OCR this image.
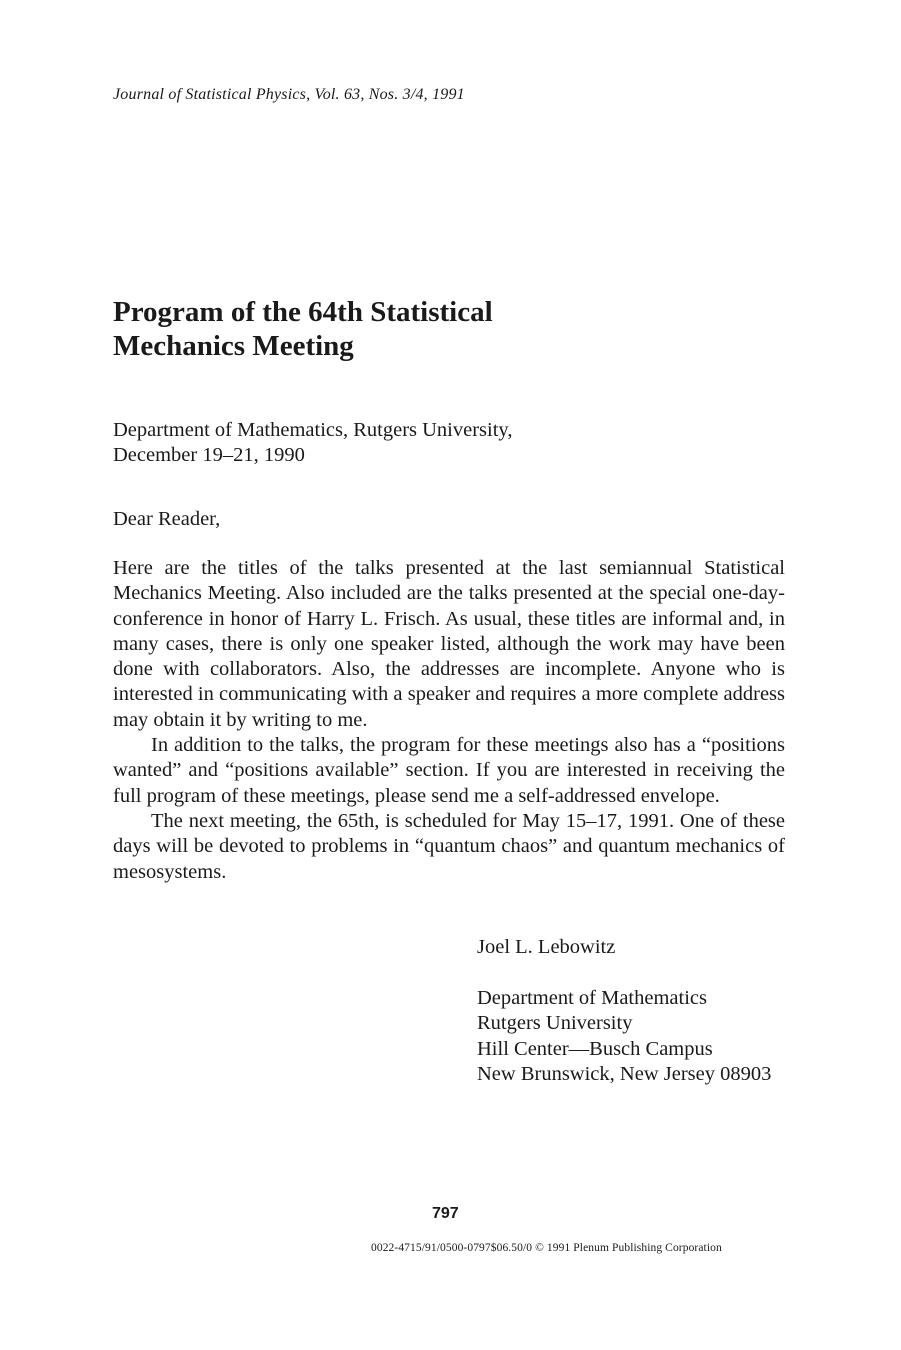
Journal of Statistical Physics, Vol. 63, Nos. 3/4, 1991
Program of the 64th Statistical
Mechanics Meeting
Department of Mathematics, Rutgers University,
December 19–21, 1990
Dear Reader,

Here are the titles of the talks presented at the last semiannual Statistical Mechanics Meeting. Also included are the talks presented at the special one-day-conference in honor of Harry L. Frisch. As usual, these titles are informal and, in many cases, there is only one speaker listed, although the work may have been done with collaborators. Also, the addresses are incomplete. Anyone who is interested in communicating with a speaker and requires a more complete address may obtain it by writing to me.

In addition to the talks, the program for these meetings also has a “positions wanted” and “positions available” section. If you are interested in receiving the full program of these meetings, please send me a self-addressed envelope.

The next meeting, the 65th, is scheduled for May 15–17, 1991. One of these days will be devoted to problems in “quantum chaos” and quantum mechanics of mesosystems.

Joel L. Lebowitz
Department of Mathematics
Rutgers University
Hill Center—Busch Campus
New Brunswick, New Jersey 08903
797
0022-4715/91/0500-0797$06.50/0 © 1991 Plenum Publishing Corporation
